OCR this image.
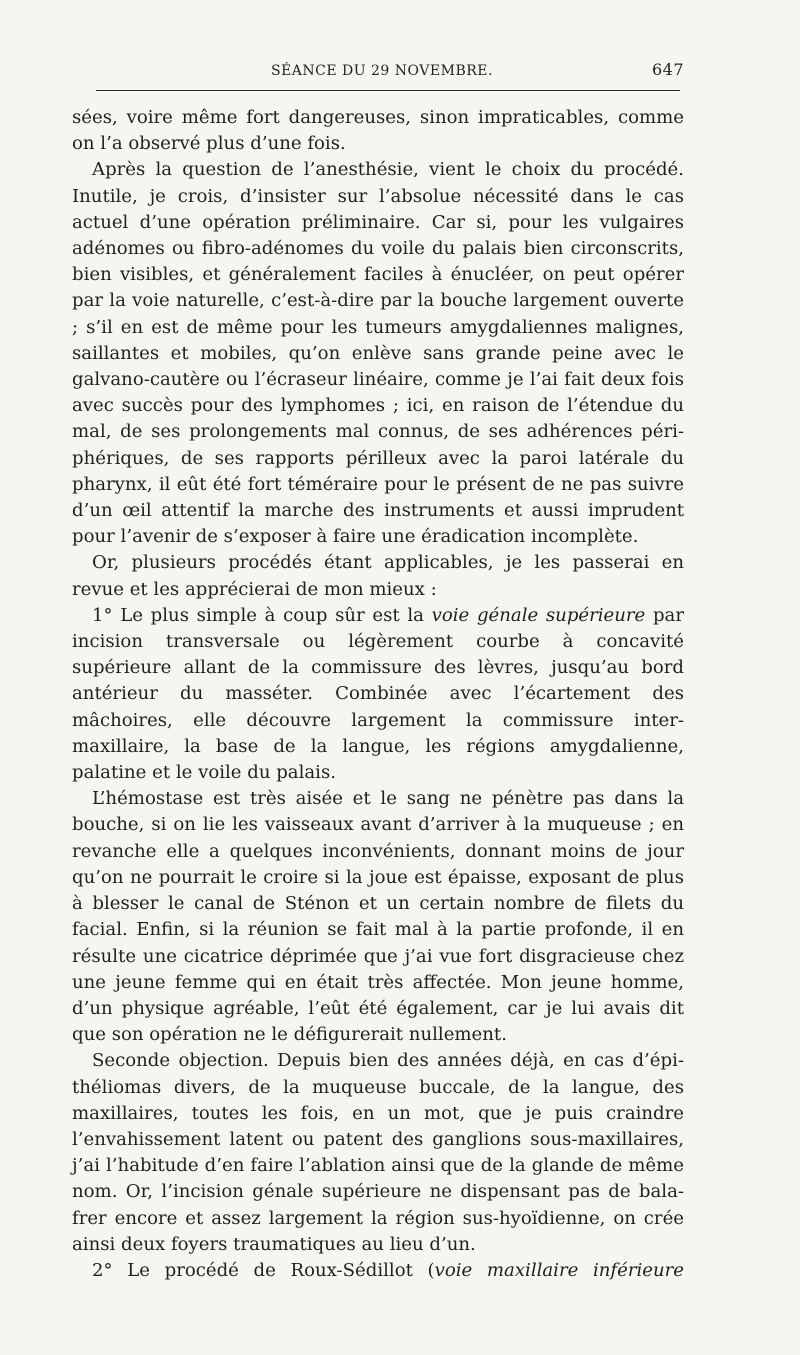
SÉANCE DU 29 NOVEMBRE.	647

sées, voire même fort dangereuses, sinon impraticables, comme on l’a observé plus d’une fois.

Après la question de l’anesthésie, vient le choix du procédé. Inutile, je crois, d’insister sur l’absolue nécessité dans le cas actuel d’une opération préliminaire. Car si, pour les vulgaires adénomes ou fibro-adénomes du voile du palais bien circonscrits, bien visibles, et généralement faciles à énucléer, on peut opérer par la voie naturelle, c’est-à-dire par la bouche largement ouverte ; s’il en est de même pour les tumeurs amygdaliennes malignes, saillantes et mobiles, qu’on enlève sans grande peine avec le galvano-cautère ou l’écraseur linéaire, comme je l’ai fait deux fois avec succès pour des lymphomes ; ici, en raison de l’étendue du mal, de ses prolongements mal connus, de ses adhérences péri-phériques, de ses rapports périlleux avec la paroi latérale du pharynx, il eût été fort téméraire pour le présent de ne pas suivre d’un œil attentif la marche des instruments et aussi imprudent pour l’avenir de s’exposer à faire une éradication incomplète.

Or, plusieurs procédés étant applicables, je les passerai en revue et les apprécierai de mon mieux :

1° Le plus simple à coup sûr est la voie génale supérieure par incision transversale ou légèrement courbe à concavité supérieure allant de la commissure des lèvres, jusqu’au bord antérieur du masséter. Combinée avec l’écartement des mâchoires, elle découvre largement la commissure inter-maxillaire, la base de la langue, les régions amygdalienne, palatine et le voile du palais.

L’hémostase est très aisée et le sang ne pénètre pas dans la bouche, si on lie les vaisseaux avant d’arriver à la muqueuse ; en revanche elle a quelques inconvénients, donnant moins de jour qu’on ne pourrait le croire si la joue est épaisse, exposant de plus à blesser le canal de Sténon et un certain nombre de filets du facial. Enfin, si la réunion se fait mal à la partie profonde, il en résulte une cicatrice déprimée que j’ai vue fort disgracieuse chez une jeune femme qui en était très affectée. Mon jeune homme, d’un physique agréable, l’eût été également, car je lui avais dit que son opération ne le défigurerait nullement.

Seconde objection. Depuis bien des années déjà, en cas d’épi-théliomas divers, de la muqueuse buccale, de la langue, des maxillaires, toutes les fois, en un mot, que je puis craindre l’envahissement latent ou patent des ganglions sous-maxillaires, j’ai l’habitude d’en faire l’ablation ainsi que de la glande de même nom. Or, l’incision génale supérieure ne dispensant pas de bala-frer encore et assez largement la région sus-hyoïdienne, on crée ainsi deux foyers traumatiques au lieu d’un.

2° Le procédé de Roux-Sédillot (voie maxillaire inférieure
